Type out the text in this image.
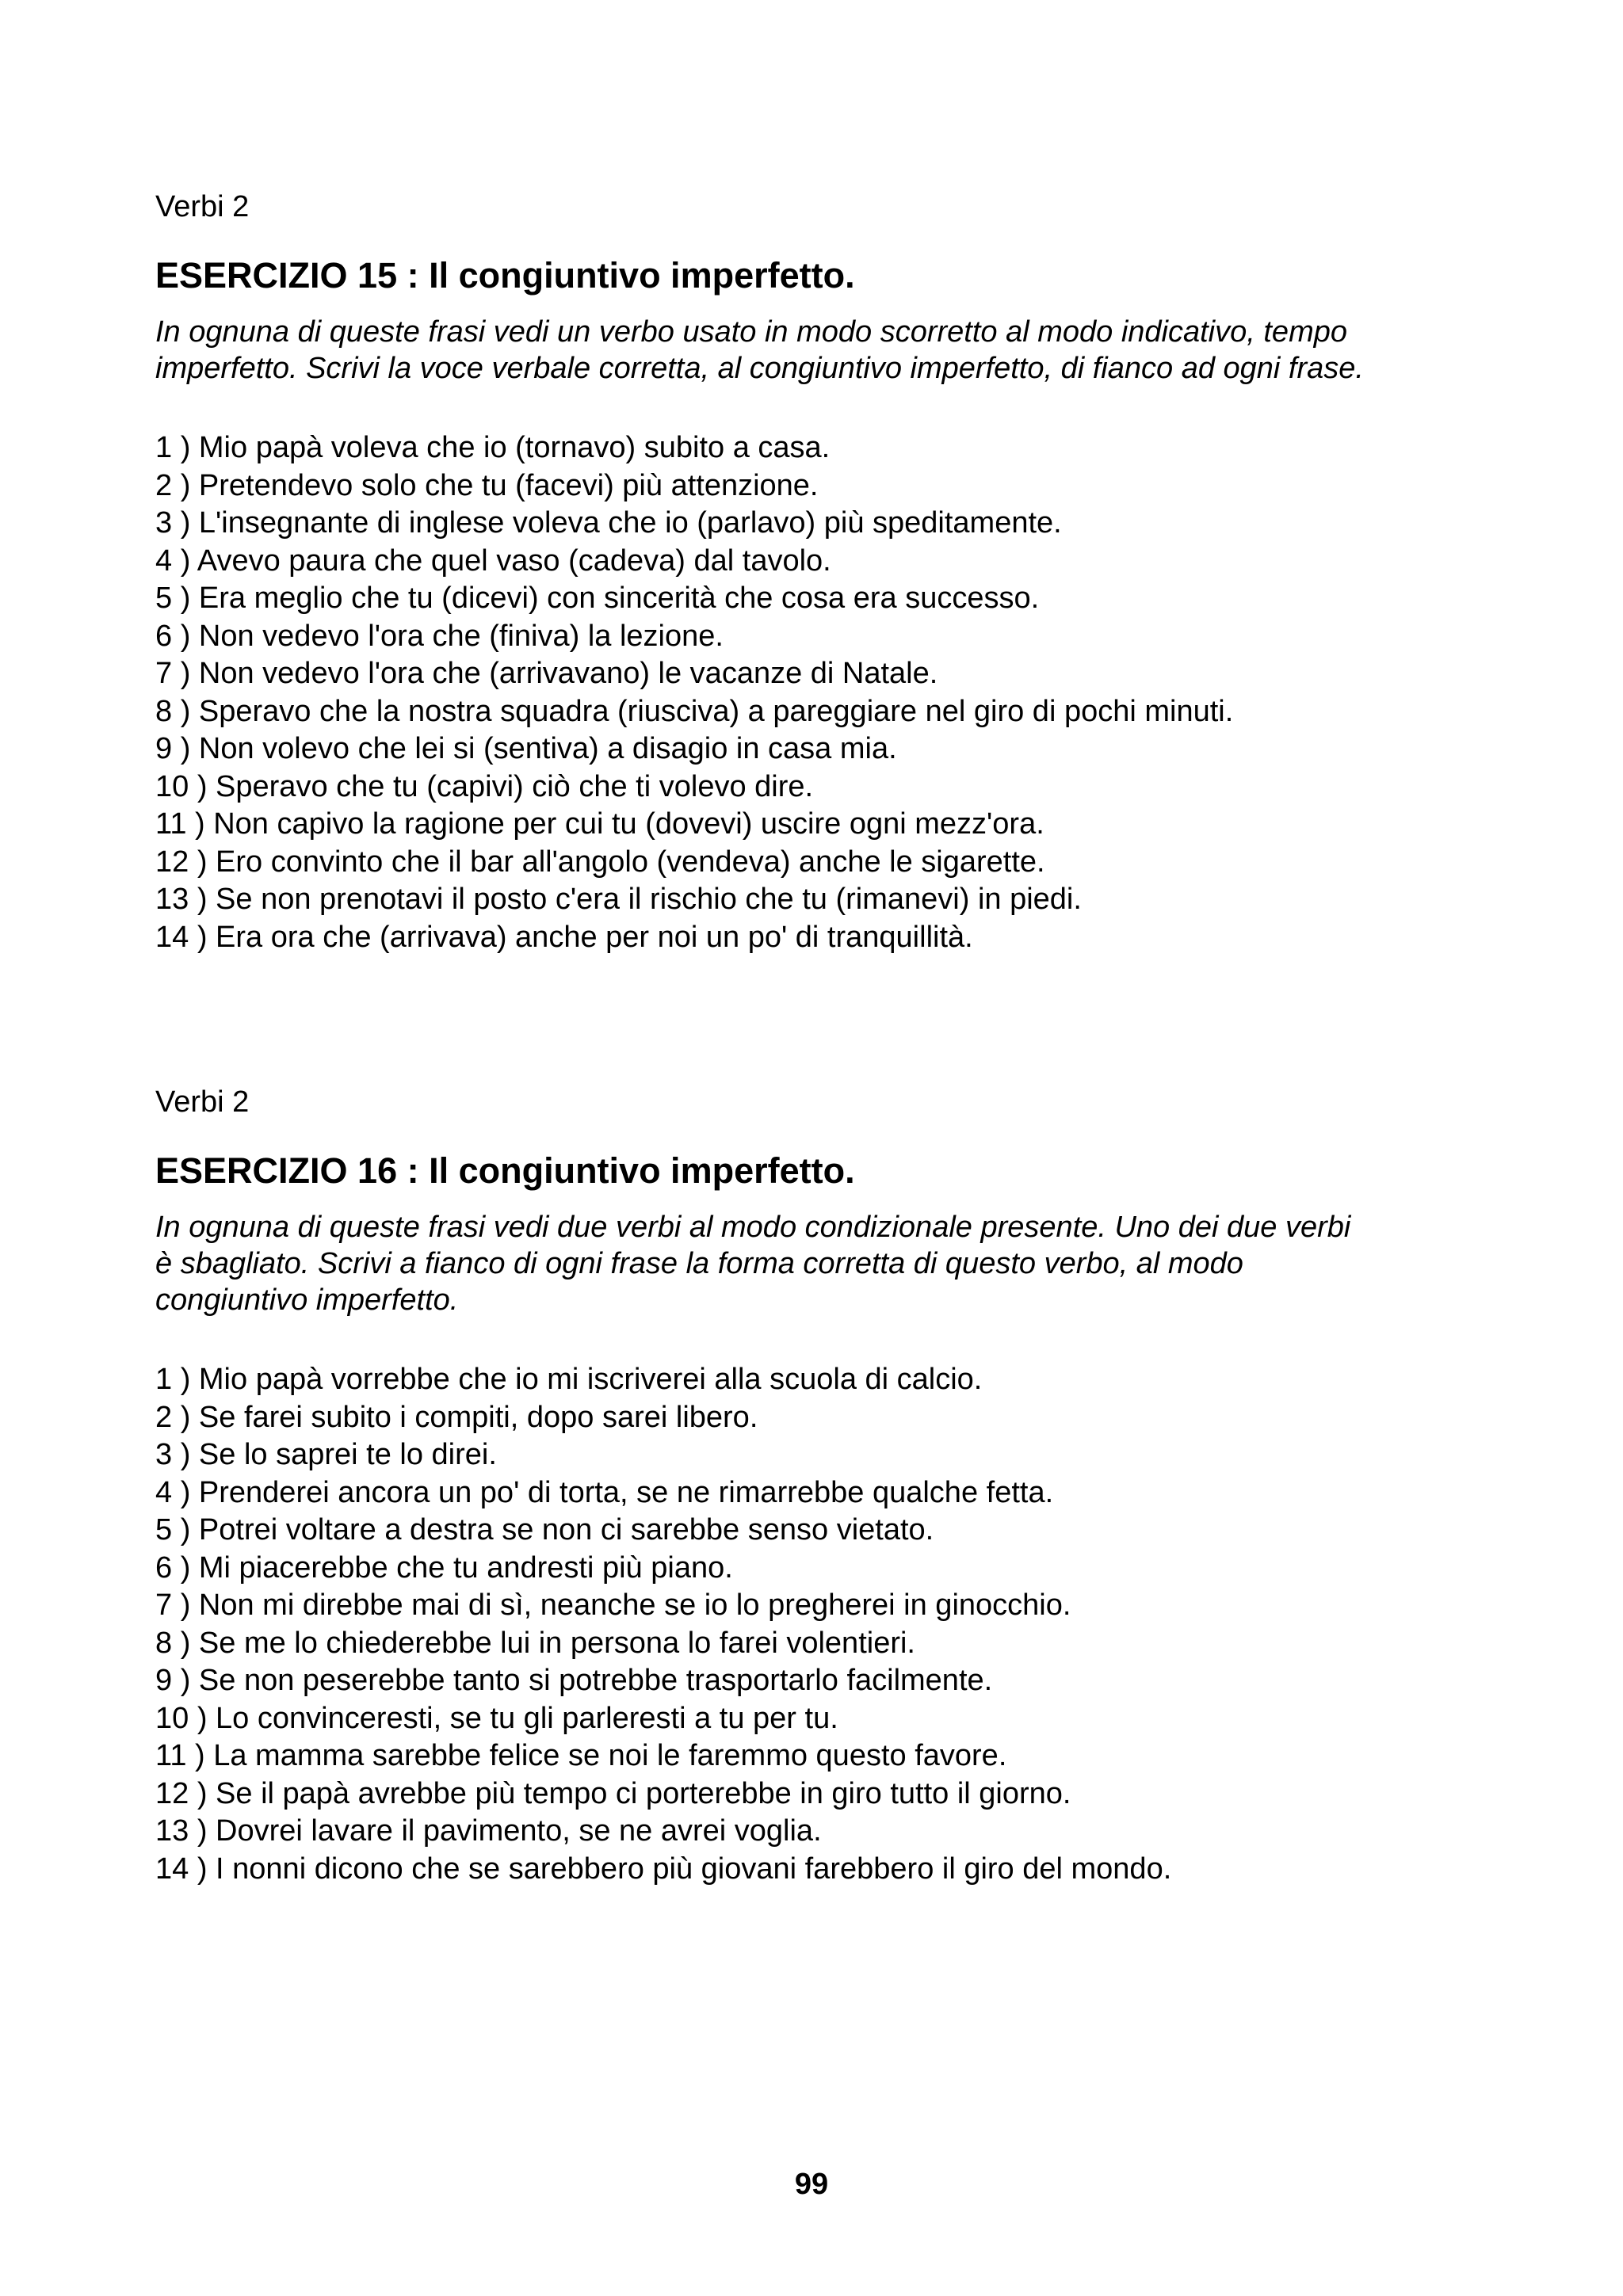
Verbi 2
ESERCIZIO 15 : Il congiuntivo imperfetto.
In ognuna di queste frasi vedi un verbo usato in modo scorretto al modo indicativo, tempo
imperfetto. Scrivi la voce verbale corretta, al congiuntivo imperfetto, di fianco ad ogni frase.
1 ) Mio papà voleva che io (tornavo) subito a casa.
2 ) Pretendevo solo che tu (facevi) più attenzione.
3 ) L'insegnante di inglese voleva che io (parlavo) più speditamente.
4 ) Avevo paura che quel vaso (cadeva) dal tavolo.
5 ) Era meglio che tu (dicevi) con sincerità che cosa era successo.
6 ) Non vedevo l'ora che (finiva) la lezione.
7 ) Non vedevo l'ora che (arrivavano) le vacanze di Natale.
8 ) Speravo che la nostra squadra (riusciva) a pareggiare nel giro di pochi minuti.
9 ) Non volevo che lei si (sentiva) a disagio in casa mia.
10 ) Speravo che tu (capivi) ciò che ti volevo dire.
11 ) Non capivo la ragione per cui tu (dovevi) uscire ogni mezz'ora.
12 ) Ero convinto che il bar all'angolo (vendeva) anche le sigarette.
13 ) Se non prenotavi il posto c'era il rischio che tu (rimanevi) in piedi.
14 ) Era ora che (arrivava) anche per noi un po' di tranquillità.
Verbi 2
ESERCIZIO 16 : Il congiuntivo imperfetto.
In ognuna di queste frasi vedi due verbi al modo condizionale presente. Uno dei due verbi
è sbagliato. Scrivi a fianco di ogni frase la forma corretta di questo verbo, al modo
congiuntivo imperfetto.
1 ) Mio papà vorrebbe che io mi iscriverei alla scuola di calcio.
2 ) Se farei subito i compiti, dopo sarei libero.
3 ) Se lo saprei te lo direi.
4 ) Prenderei ancora un po' di torta, se ne rimarrebbe qualche fetta.
5 ) Potrei voltare a destra se non ci sarebbe senso vietato.
6 ) Mi piacerebbe che tu andresti più piano.
7 ) Non mi direbbe mai di sì, neanche se io lo pregherei in ginocchio.
8 ) Se me lo chiederebbe lui in persona lo farei volentieri.
9 ) Se non peserebbe tanto si potrebbe trasportarlo facilmente.
10 ) Lo convinceresti, se tu gli parleresti a tu per tu.
11 ) La mamma sarebbe felice se noi le faremmo questo favore.
12 ) Se il papà avrebbe più tempo ci porterebbe in giro tutto il giorno.
13 ) Dovrei lavare il pavimento, se ne avrei voglia.
14 ) I nonni dicono che se sarebbero più giovani farebbero il giro del mondo.
99
